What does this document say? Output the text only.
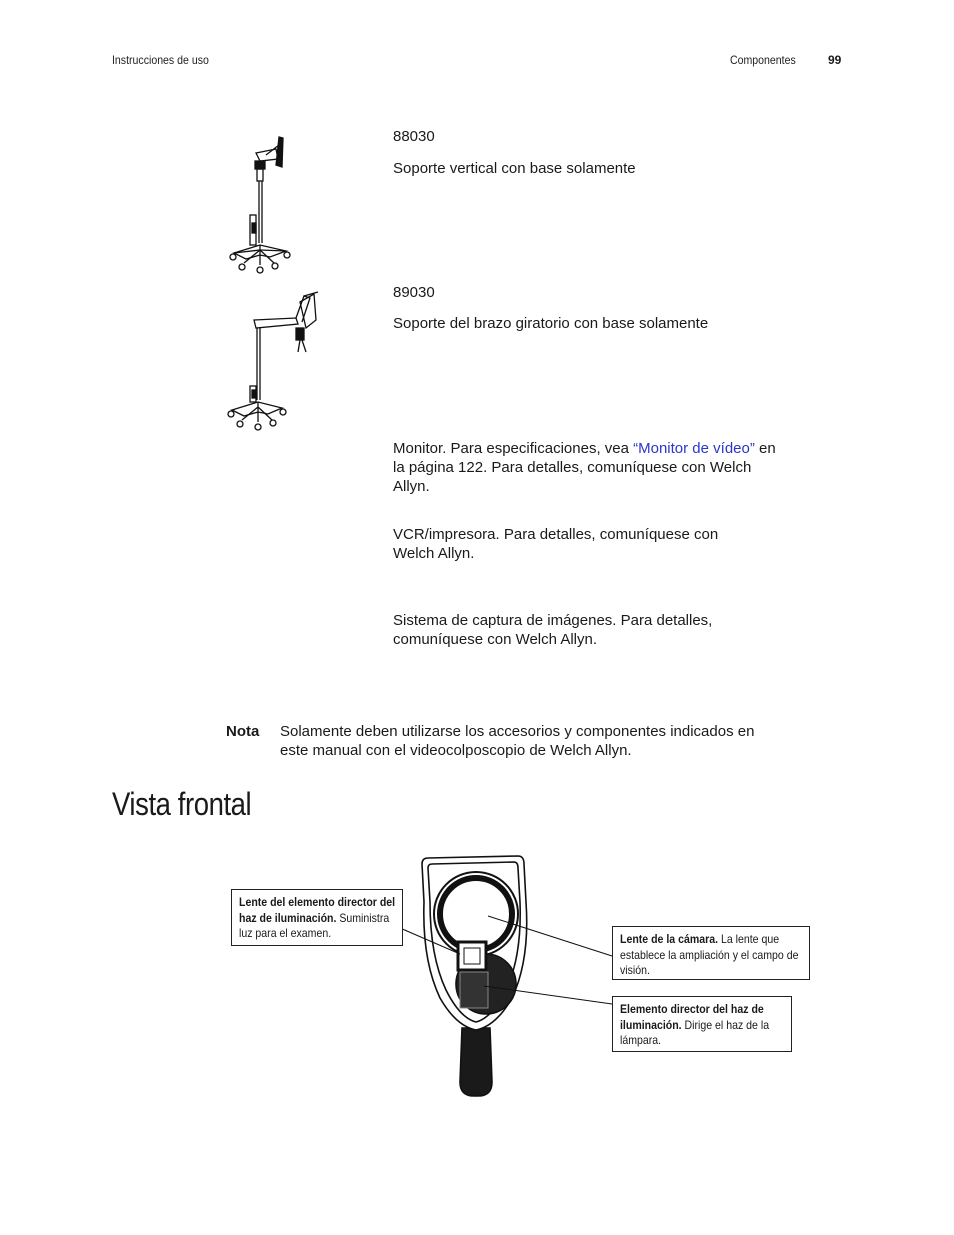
Instrucciones de uso	Componentes	99
88030
Soporte vertical con base solamente
89030
Soporte del brazo giratorio con base solamente
Monitor. Para especificaciones, vea “Monitor de vídeo” en la página 122. Para detalles, comuníquese con Welch Allyn.
VCR/impresora. Para detalles, comuníquese con Welch Allyn.
Sistema de captura de imágenes. Para detalles, comuníquese con Welch Allyn.
Nota Solamente deben utilizarse los accesorios y componentes indicados en este manual con el videocolposcopio de Welch Allyn.
Vista frontal
Lente del elemento director del haz de iluminación. Suministra luz para el examen.	Lente de la cámara. La lente que establece la ampliación y el campo de visión.
Elemento director del haz de iluminación. Dirige el haz de la lámpara.
